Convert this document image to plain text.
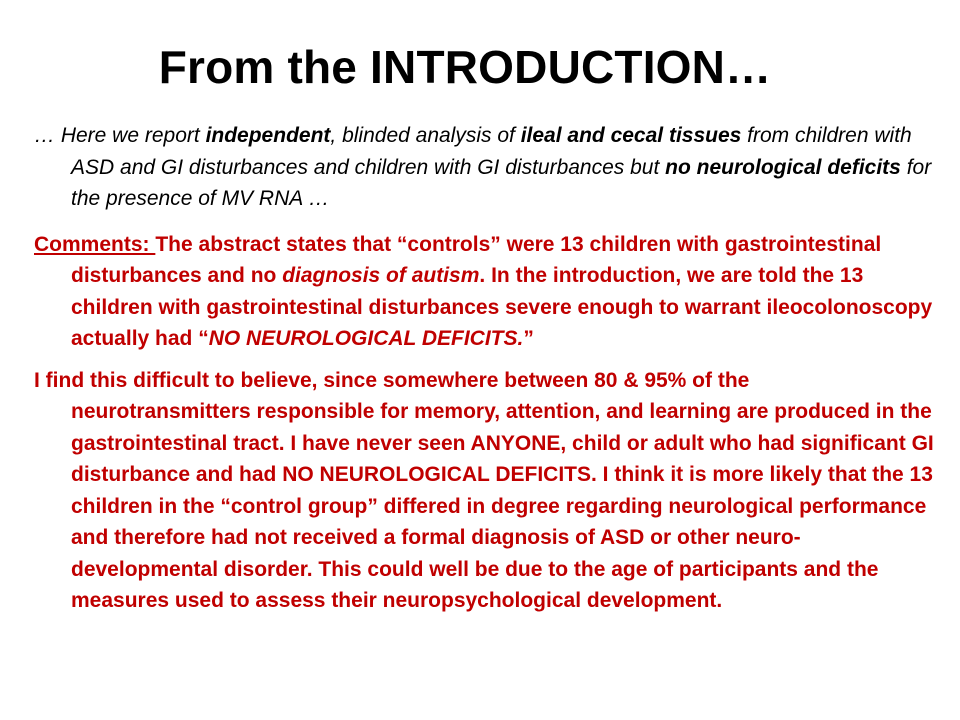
From the INTRODUCTION…

… Here we report independent, blinded analysis of ileal and cecal tissues from children with ASD and GI disturbances and children with GI disturbances but no neurological deficits for the presence of MV RNA …

Comments: The abstract states that “controls” were 13 children with gastrointestinal disturbances and no diagnosis of autism. In the introduction, we are told the 13 children with gastrointestinal disturbances severe enough to warrant ileocolonoscopy actually had “NO NEUROLOGICAL DEFICITS.”

I find this difficult to believe, since somewhere between 80 & 95% of the neurotransmitters responsible for memory, attention, and learning are produced in the gastrointestinal tract. I have never seen ANYONE, child or adult who had significant GI disturbance and had NO NEUROLOGICAL DEFICITS. I think it is more likely that the 13 children in the “control group” differed in degree regarding neurological performance and therefore had not received a formal diagnosis of ASD or other neuro-developmental disorder. This could well be due to the age of participants and the measures used to assess their neuropsychological development.
